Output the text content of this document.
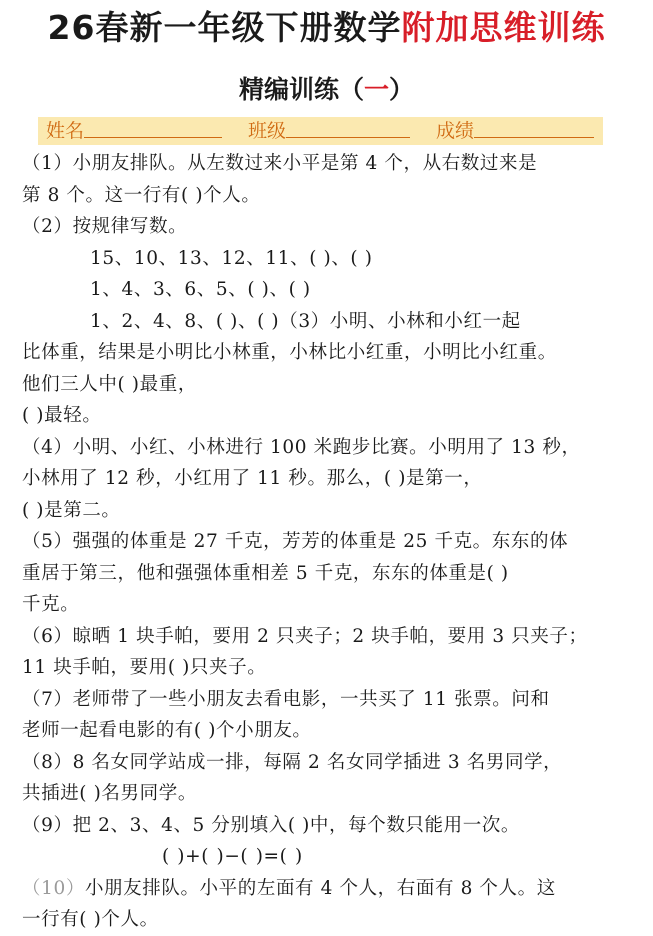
26春新一年级下册数学附加思维训练
精编训练（一）
姓名	班级	成绩

（1）小朋友排队。从左数过来小平是第 4 个，从右数过来是

第 8 个。这一行有( )个人。

（2）按规律写数。

15、10、13、12、11、( )、( )

1、4、3、6、5、( )、( )

1、2、4、8、( )、( )（3）小明、小林和小红一起

比体重，结果是小明比小林重，小林比小红重，小明比小红重。

他们三人中( )最重，

( )最轻。

（4）小明、小红、小林进行 100 米跑步比赛。小明用了 13 秒，

小林用了 12 秒，小红用了 11 秒。那么，( )是第一，

( )是第二。

（5）强强的体重是 27 千克，芳芳的体重是 25 千克。东东的体

重居于第三，他和强强体重相差 5 千克，东东的体重是( )

千克。

（6）晾晒 1 块手帕，要用 2 只夹子；2 块手帕，要用 3 只夹子；

11 块手帕，要用( )只夹子。

（7）老师带了一些小朋友去看电影，一共买了 11 张票。问和

老师一起看电影的有( )个小朋友。

（8）8 名女同学站成一排，每隔 2 名女同学插进 3 名男同学，

共插进( )名男同学。

（9）把 2、3、4、5 分别填入( )中，每个数只能用一次。

( )+( )−( )=( )

（10）小朋友排队。小平的左面有 4 个人，右面有 8 个人。这

一行有( )个人。
